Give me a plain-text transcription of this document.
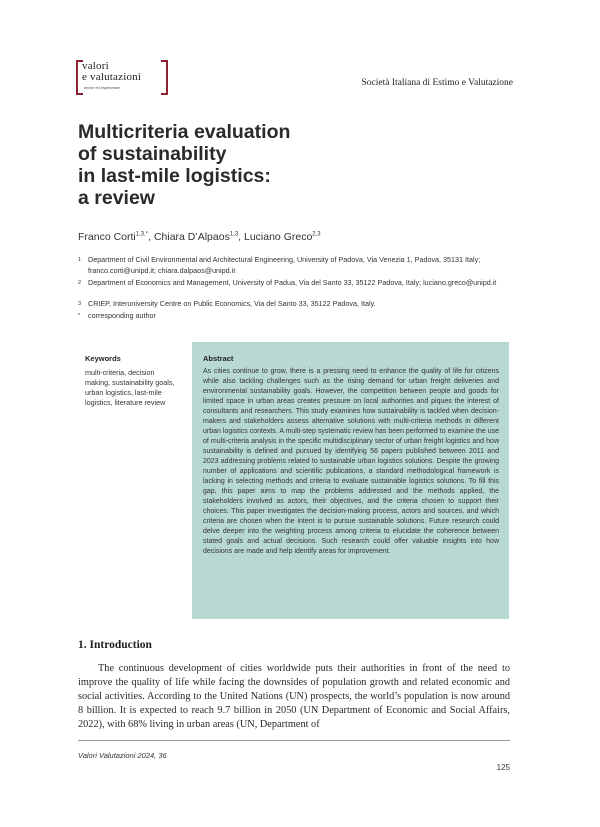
valori
e valutazioni
teorie ed esperienze	Società Italiana di Estimo e Valutazione
Multicriteria evaluation
of sustainability
in last-mile logistics:
a review
Franco Corti$^{1,3,*}$, Chiara D’Alpaos$^{1,3}$, Luciano Greco$^{2,3}$
1 Department of Civil Environmental and Architectural Engineering, University of Padova, Via Venezia 1, Padova, 35131 Italy; franco.corti@unipd.it; chiara.dalpaos@unipd.it
2 Department of Economics and Management, University of Padua, Via del Santo 33, 35122 Padova, Italy; luciano.greco@unipd.it
3 CRIEP, Interuniversity Centre on Public Economics, Via del Santo 33, 35122 Padova, Italy.
* corresponding author
Keywords
multi-criteria, decision making, sustainability goals, urban logistics, last-mile logistics, literature review
Abstract
As cities continue to grow, there is a pressing need to enhance the quality of life for citizens while also tackling challenges such as the rising demand for urban freight deliveries and environmental sustainability goals. However, the competition between people and goods for limited space in urban areas creates pressure on local authorities and piques the interest of consultants and researchers. This study examines how sustainability is tackled when decision-makers and stakeholders assess alternative solutions with multi-criteria methods in different urban logistics contexts. A multi-step systematic review has been performed to examine the use of multi-criteria analysis in the specific multidisciplinary sector of urban freight logistics and how sustainability is defined and pursued by identifying 56 papers published between 2011 and 2023 addressing problems related to sustainable urban logistics solutions. Despite the growing number of applications and scientific publications, a standard methodological framework is lacking in selecting methods and criteria to evaluate sustainable logistics solutions. To fill this gap, this paper aims to map the problems addressed and the methods applied, the stakeholders involved as actors, their objectives, and the criteria chosen to support their choices. This paper investigates the decision-making process, actors and sources, and which criteria are chosen when the intent is to pursue sustainable solutions. Future research could delve deeper into the weighting process among criteria to elucidate the coherence between stated goals and actual decisions. Such research could offer valuable insights into how decisions are made and help identify areas for improvement.
1. Introduction
The continuous development of cities worldwide puts their authorities in front of the need to improve the quality of life while facing the downsides of population growth and related economic and social activities. According to the United Nations (UN) prospects, the world’s population is now around 8 billion. It is expected to reach 9.7 billion in 2050 (UN Department of Economic and Social Affairs, 2022), with 68% living in urban areas (UN, Department of
Valori Valutazioni 2024, 36
125
